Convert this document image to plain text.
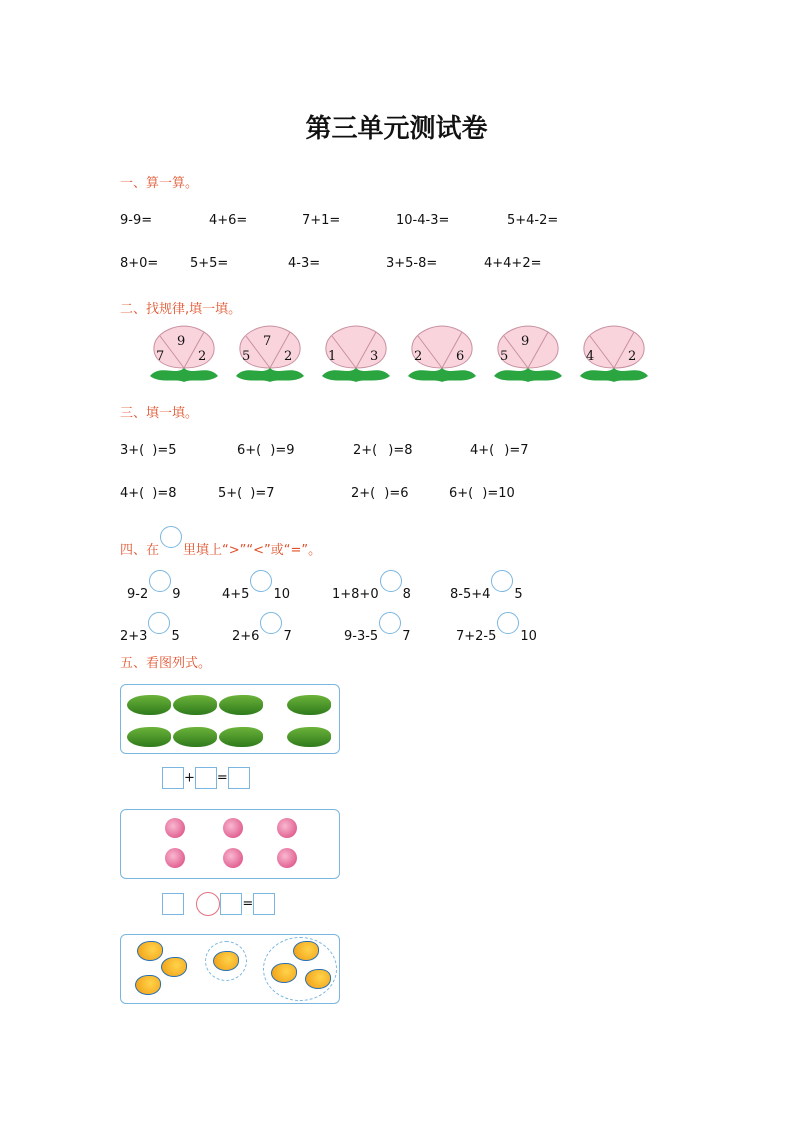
第三单元测试卷
一、算一算。
二、找规律,填一填。
三、填一填。
四、在 里填上“>”“<”或“=”。
五、看图列式。
+ =
=
9-9=	4+6=	7+1=	10-4-3=	5+4-2=
8+0= 5+5=	4-3=	3+5-8=	4+4+2=
9
7	2
7
5	2	1	3	2	6
9
5	4	2
3+( )=5	6+( )=9	2+( )=8	4+( )=7
4+( )=8	5+( )=7	2+( )=6	6+( )=10
9-2 9	4+5 10	1+8+0 8	8-5+4 5
2+3 5	2+6 7	9-3-5 7	7+2-5 10
